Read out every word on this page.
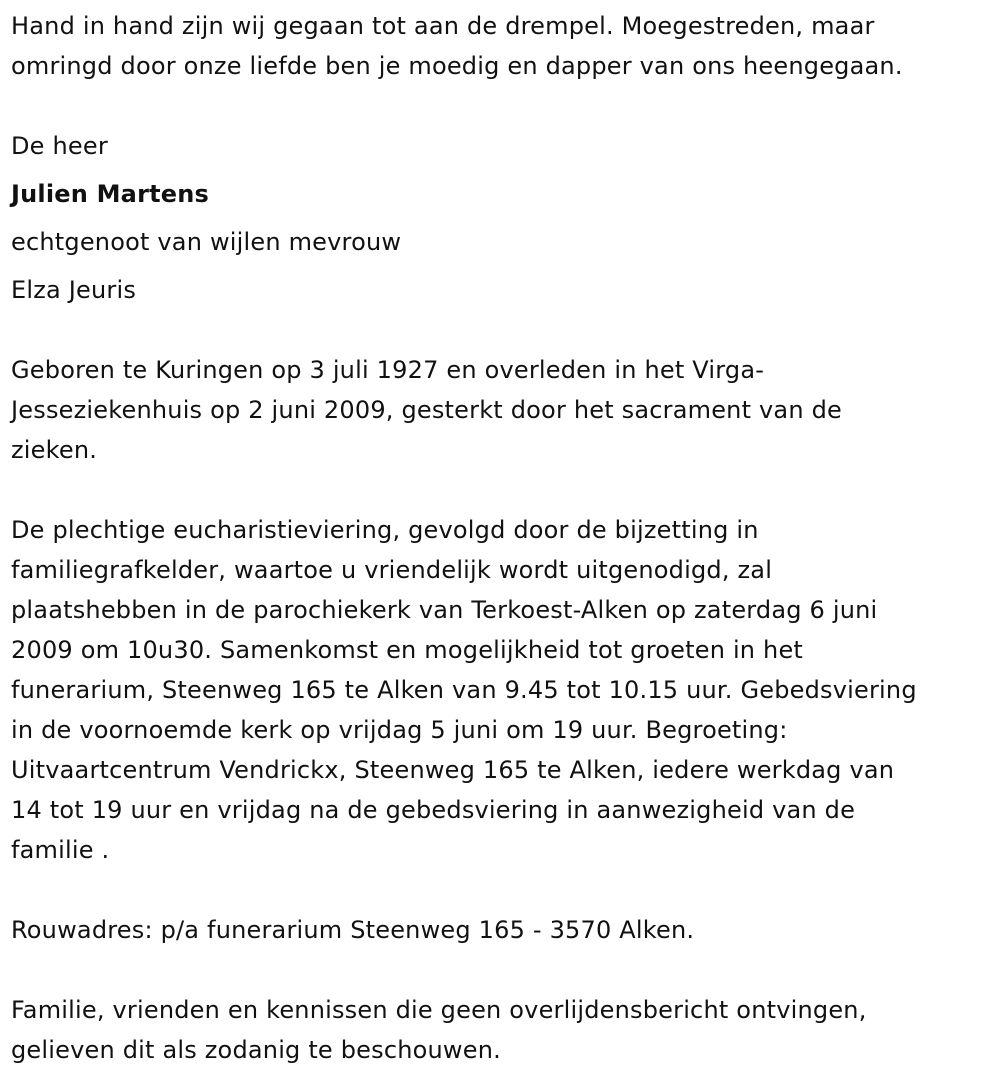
Hand in hand zijn wij gegaan tot aan de drempel. Moegestreden, maar

omringd door onze liefde ben je moedig en dapper van ons heengegaan.

De heer

Julien Martens

echtgenoot van wijlen mevrouw

Elza Jeuris

Geboren te Kuringen op 3 juli 1927 en overleden in het Virga-

Jesseziekenhuis op 2 juni 2009, gesterkt door het sacrament van de

zieken.

De plechtige eucharistieviering, gevolgd door de bijzetting in

familiegrafkelder, waartoe u vriendelijk wordt uitgenodigd, zal

plaatshebben in de parochiekerk van Terkoest-Alken op zaterdag 6 juni

2009 om 10u30. Samenkomst en mogelijkheid tot groeten in het

funerarium, Steenweg 165 te Alken van 9.45 tot 10.15 uur. Gebedsviering

in de voornoemde kerk op vrijdag 5 juni om 19 uur. Begroeting:

Uitvaartcentrum Vendrickx, Steenweg 165 te Alken, iedere werkdag van

14 tot 19 uur en vrijdag na de gebedsviering in aanwezigheid van de

familie .

Rouwadres: p/a funerarium Steenweg 165 - 3570 Alken.

Familie, vrienden en kennissen die geen overlijdensbericht ontvingen,

gelieven dit als zodanig te beschouwen.
